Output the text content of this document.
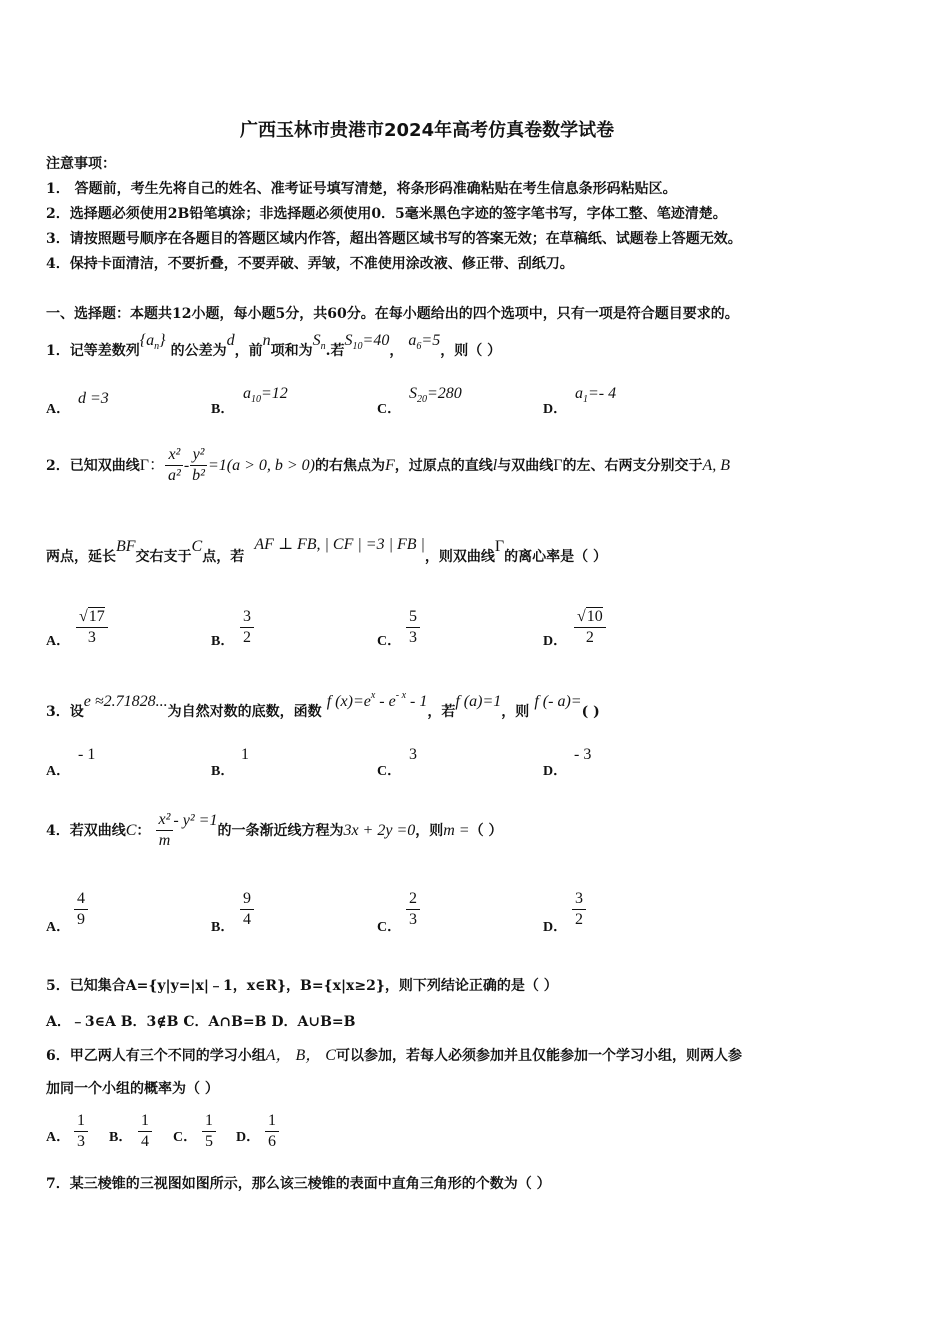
广西玉林市贵港市2024年高考仿真卷数学试卷
注意事项：
1． 答题前，考生先将自己的姓名、准考证号填写清楚，将条形码准确粘贴在考生信息条形码粘贴区。
2．选择题必须使用2B铅笔填涂；非选择题必须使用0．5毫米黑色字迹的签字笔书写，字体工整、笔迹清楚。
3．请按照题号顺序在各题目的答题区域内作答，超出答题区域书写的答案无效；在草稿纸、试题卷上答题无效。
4．保持卡面清洁，不要折叠，不要弄破、弄皱，不准使用涂改液、修正带、刮纸刀。
一、选择题：本题共12小题，每小题5分，共60分。在每小题给出的四个选项中，只有一项是符合题目要求的。
1．记等差数列$\{a_n\}$ 的公差为d，前n项和为$S_n$.若$S_{10}=40$， $a_6=5$，则（ ）
A．
d =3
B．
$a_{10}=12$
C．
$S_{20}=280$
D．
$a_1=-$ 4
2．已知双曲线Γ： $\frac{\text{x²}}{\text{a²}} - \frac{\text{y²}}{\text{b²}} =1(a > 0$, b > 0)的右焦点为F，过原点的直线l与双曲线Γ的左、右两支分别交于A, B
两点，延长BF交右支于C点，若  AF ⊥ FB, | CF | =3 | FB |，则双曲线Γ的离心率是（ ）
A． $\frac{√17}{3}$	B． $\frac{3}{2}$	C． $\frac{5}{3}$	D． $\frac{√10}{2}$
3．设e ≈2.71828...为自然对数的底数，函数 f $(x)=e^x - e^{- x} - 1$，若f (a)=1，则 f (- a)=( )
A．
- 1
B．
1
C．
3
D．
- 3
4．若双曲线C： $\frac{\text{x²}}{m} - y^2 =1$的一条渐近线方程为3x + 2y =0，则m =（ ）
A． $\frac{4}{9}$	B． $\frac{9}{4}$	C． $\frac{2}{3}$	D． $\frac{3}{2}$
5．已知集合A={y|y=|x|﹣1，x∈R}，B={x|x≥2}，则下列结论正确的是（ ）
A．﹣3∈A B．3∉B C．A∩B=B D．A∪B=B
6．甲乙两人有三个不同的学习小组A， B， C可以参加，若每人必须参加并且仅能参加一个学习小组，则两人参
加同一个小组的概率为（ ）
A． $\frac{1}{3}$ B． $\frac{1}{4}$ C． $\frac{1}{5}$ D． $\frac{1}{6}$
7．某三棱锥的三视图如图所示，那么该三棱锥的表面中直角三角形的个数为（ ）
